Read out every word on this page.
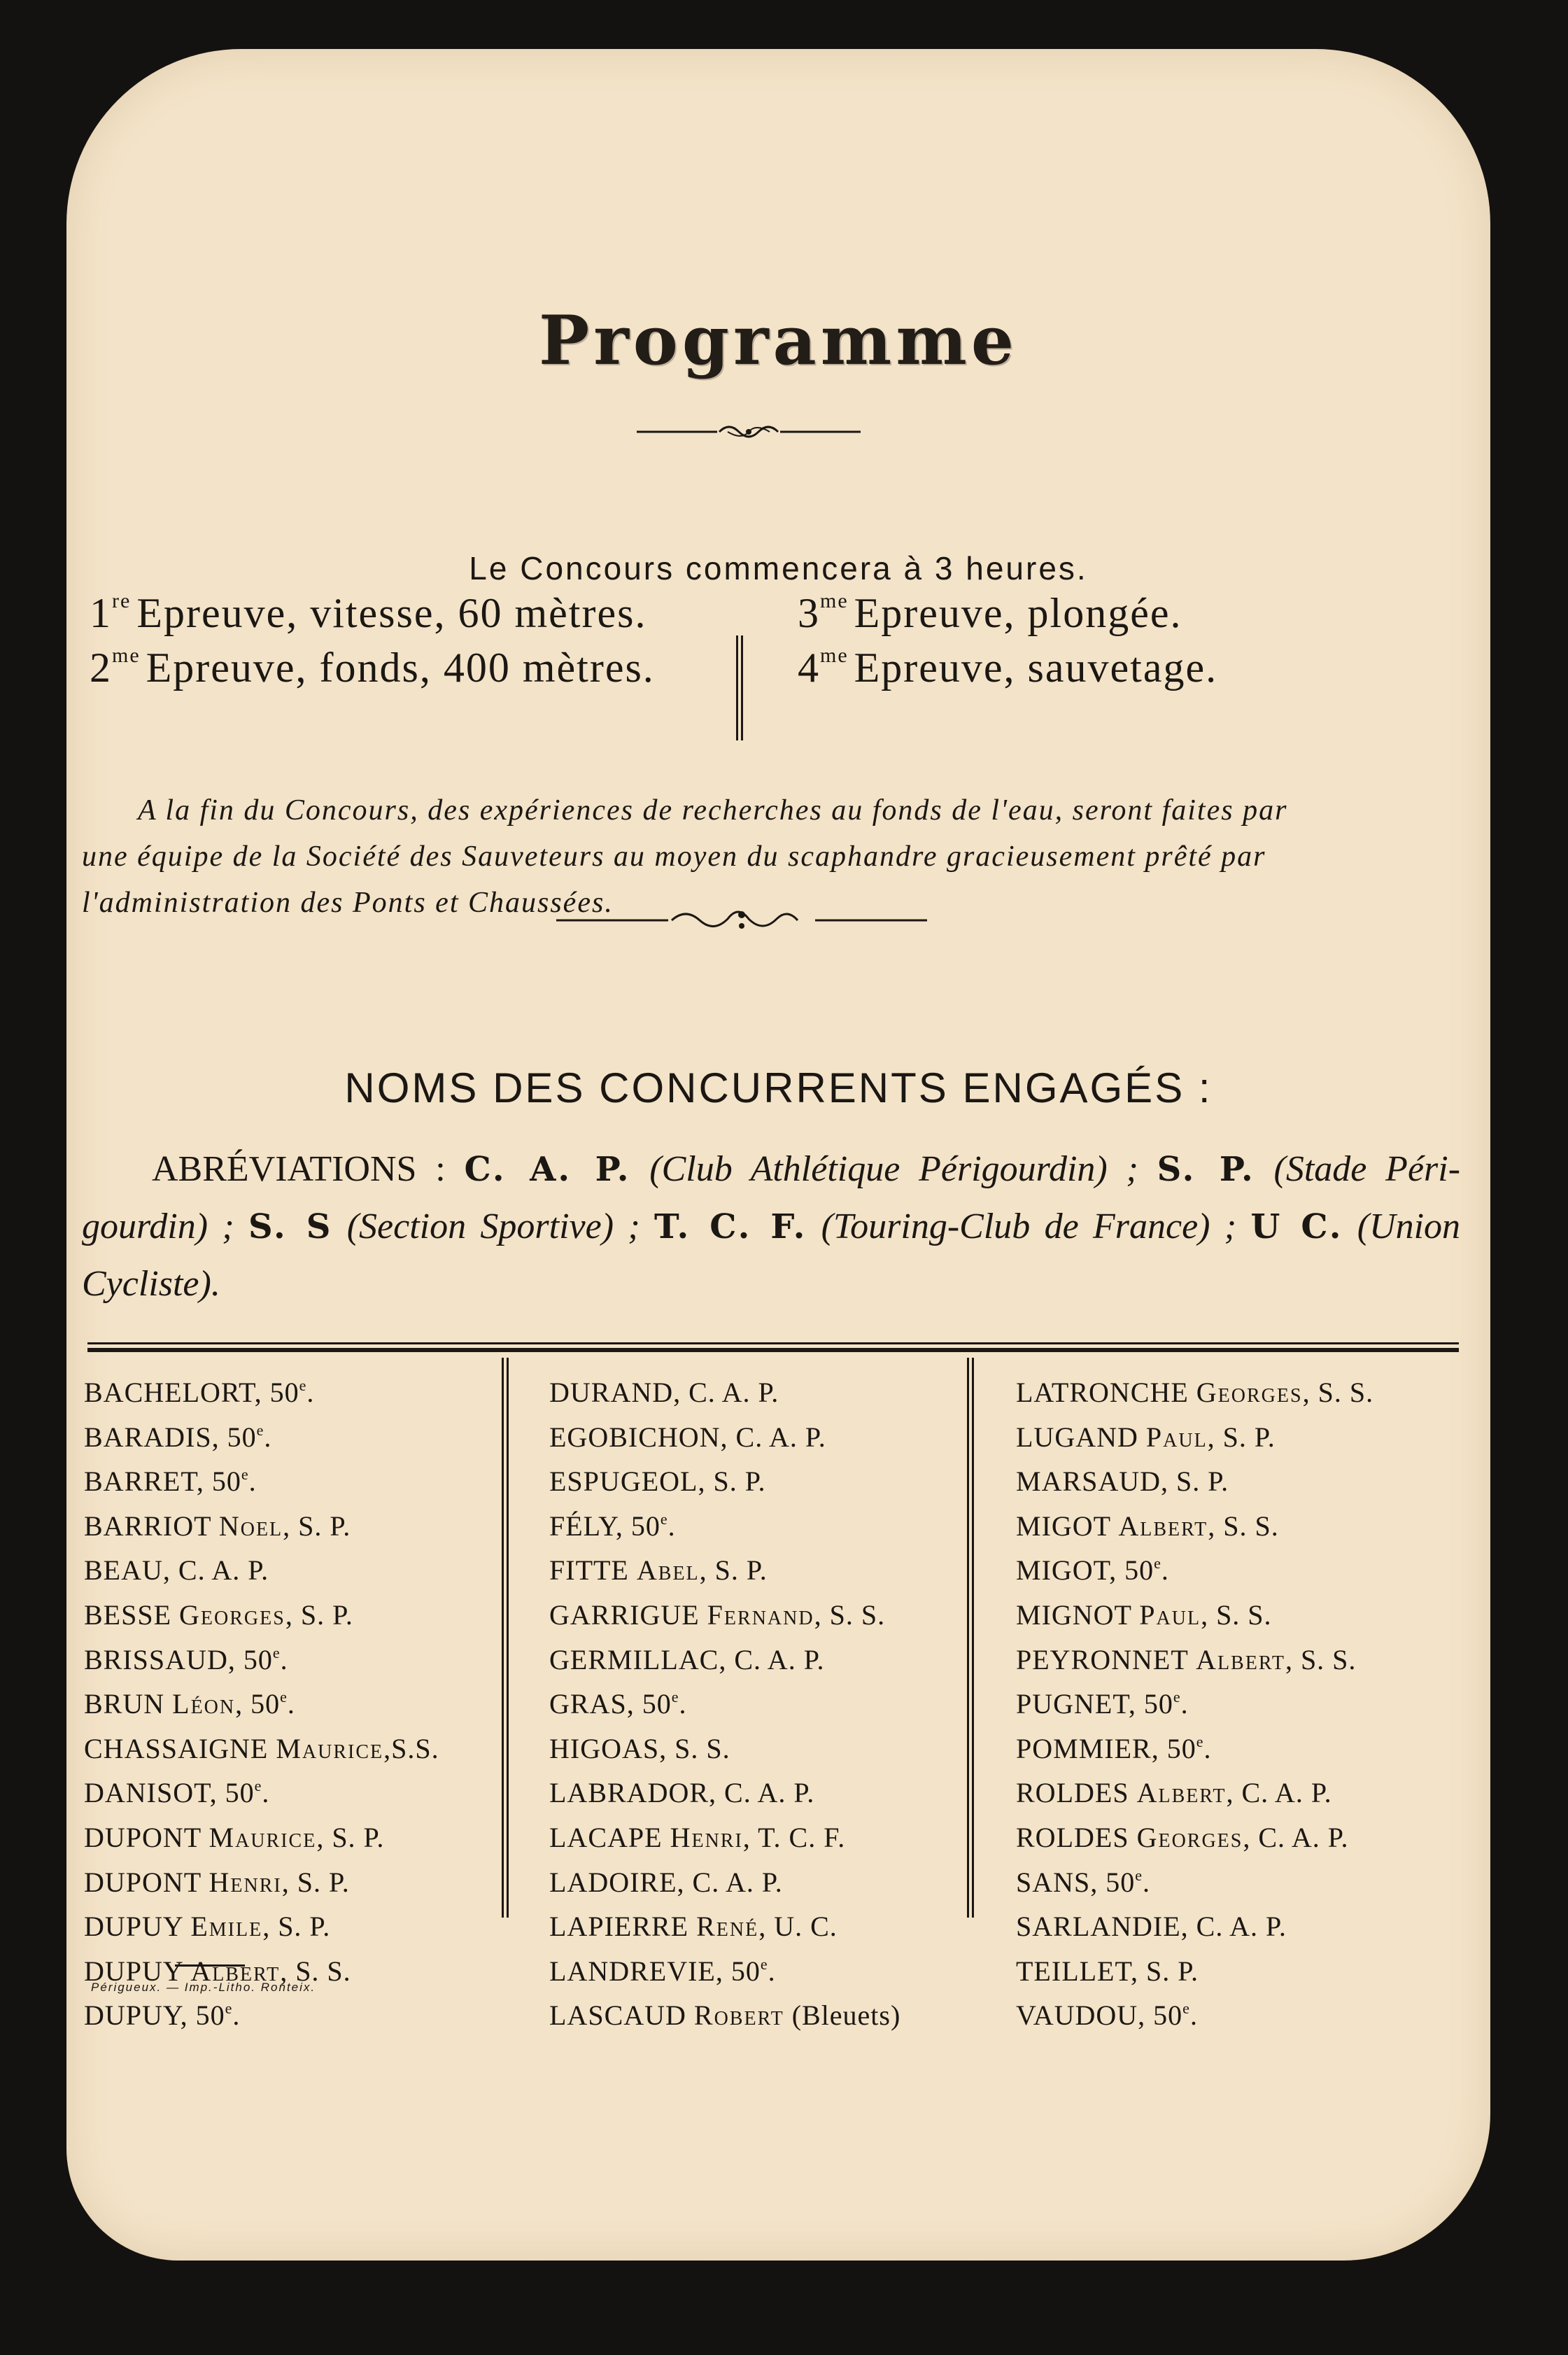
Programme
Le Concours commencera à 3 heures.
1re Epreuve, vitesse, 60 mètres.
$2^{me}$ Epreuve, fonds, 400 mètres.
$3^{me}$ Epreuve, plongée.
$4^{me}$ Epreuve, sauvetage.
A la fin du Concours, des expériences de recherches au fonds de l'eau, seront faites par
une équipe de la Société des Sauveteurs au moyen du scaphandre gracieusement prêté par
l'administration des Ponts et Chaussées.
NOMS DES CONCURRENTS ENGAGÉS :
ABRÉVIATIONS : C. A. P. (Club Athlétique Périgourdin) ; S. P. (Stade Péri- gourdin) ; S. S (Section Sportive) ; T. C. F. (Touring-Club de France) ; U C. (Union Cycliste).
BACHELORT, 50e.
BARADIS, 50e.
BARRET, 50e.
BARRIOT Noel, S. P.
BEAU, C. A. P.
BESSE Georges, S. P.
BRISSAUD, 50e.
BRUN Léon, 50e.
CHASSAIGNE Maurice,S.S.
DANISOT, 50e.
DUPONT Maurice, S. P.
DUPONT Henri, S. P.
DUPUY Emile, S. P.
DUPUY Albert, S. S.
DUPUY, 50e.
DURAND, C. A. P.
EGOBICHON, C. A. P.
ESPUGEOL, S. P.
FÉLY, 50e.
FITTE Abel, S. P.
GARRIGUE Fernand, S. S.
GERMILLAC, C. A. P.
GRAS, 50e.
HIGOAS, S. S.
LABRADOR, C. A. P.
LACAPE Henri, T. C. F.
LADOIRE, C. A. P.
LAPIERRE René, U. C.
LANDREVIE, 50e.
LASCAUD Robert (Bleuets)
LATRONCHE Georges, S. S.
LUGAND Paul, S. P.
MARSAUD, S. P.
MIGOT Albert, S. S.
MIGOT, 50e.
MIGNOT Paul, S. S.
PEYRONNET Albert, S. S.
PUGNET, 50e.
POMMIER, 50e.
ROLDES Albert, C. A. P.
ROLDES Georges, C. A. P.
SANS, 50e.
SARLANDIE, C. A. P.
TEILLET, S. P.
VAUDOU, 50e.
Périgueux. — Imp.-Litho. Ronteix.
